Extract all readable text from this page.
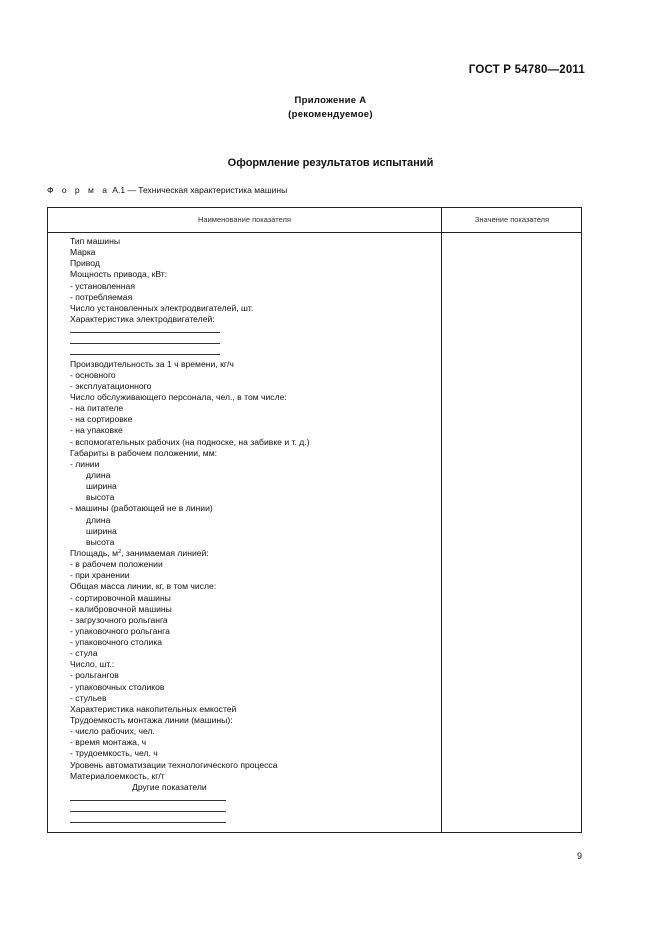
ГОСТ Р 54780—2011
Приложение А
(рекомендуемое)
Оформление результатов испытаний
Ф о р м а А.1 — Техническая характеристика машины
Наименование показателя	Значение показателя
Тип машины
Марка
Привод
Мощность привода, кВт:
- установленная
- потребляемая
Число установленных электродвигателей, шт.
Характеристика электродвигателей:
Производительность за 1 ч времени, кг/ч
- основного
- эксплуатационного
Число обслуживающего персонала, чел., в том числе:
- на питателе
- на сортировке
- на упаковке
- вспомогательных рабочих (на подноске, на забивке и т. д.)
Габариты в рабочем положении, мм:
- линии
длина
ширина
высота
- машины (работающей не в линии)
длина
ширина
высота
Площадь, $м^2$, занимаемая линией:
- в рабочем положении
- при хранении
Общая масса линии, кг, в том числе:
- сортировочной машины
- калибровочной машины
- загрузочного рольганга
- упаковочного рольганга
- упаковочного столика
- стула
Число, шт.:
- рольгангов
- упаковочных столиков
- стульев
Характеристика накопительных емкостей
Трудоемкость монтажа линии (машины):
- число рабочих, чел.
- время монтажа, ч
- трудоемкость, чел. ч
Уровень автоматизации технологического процесса
Материалоемкость, кг/т
Другие показатели
9
